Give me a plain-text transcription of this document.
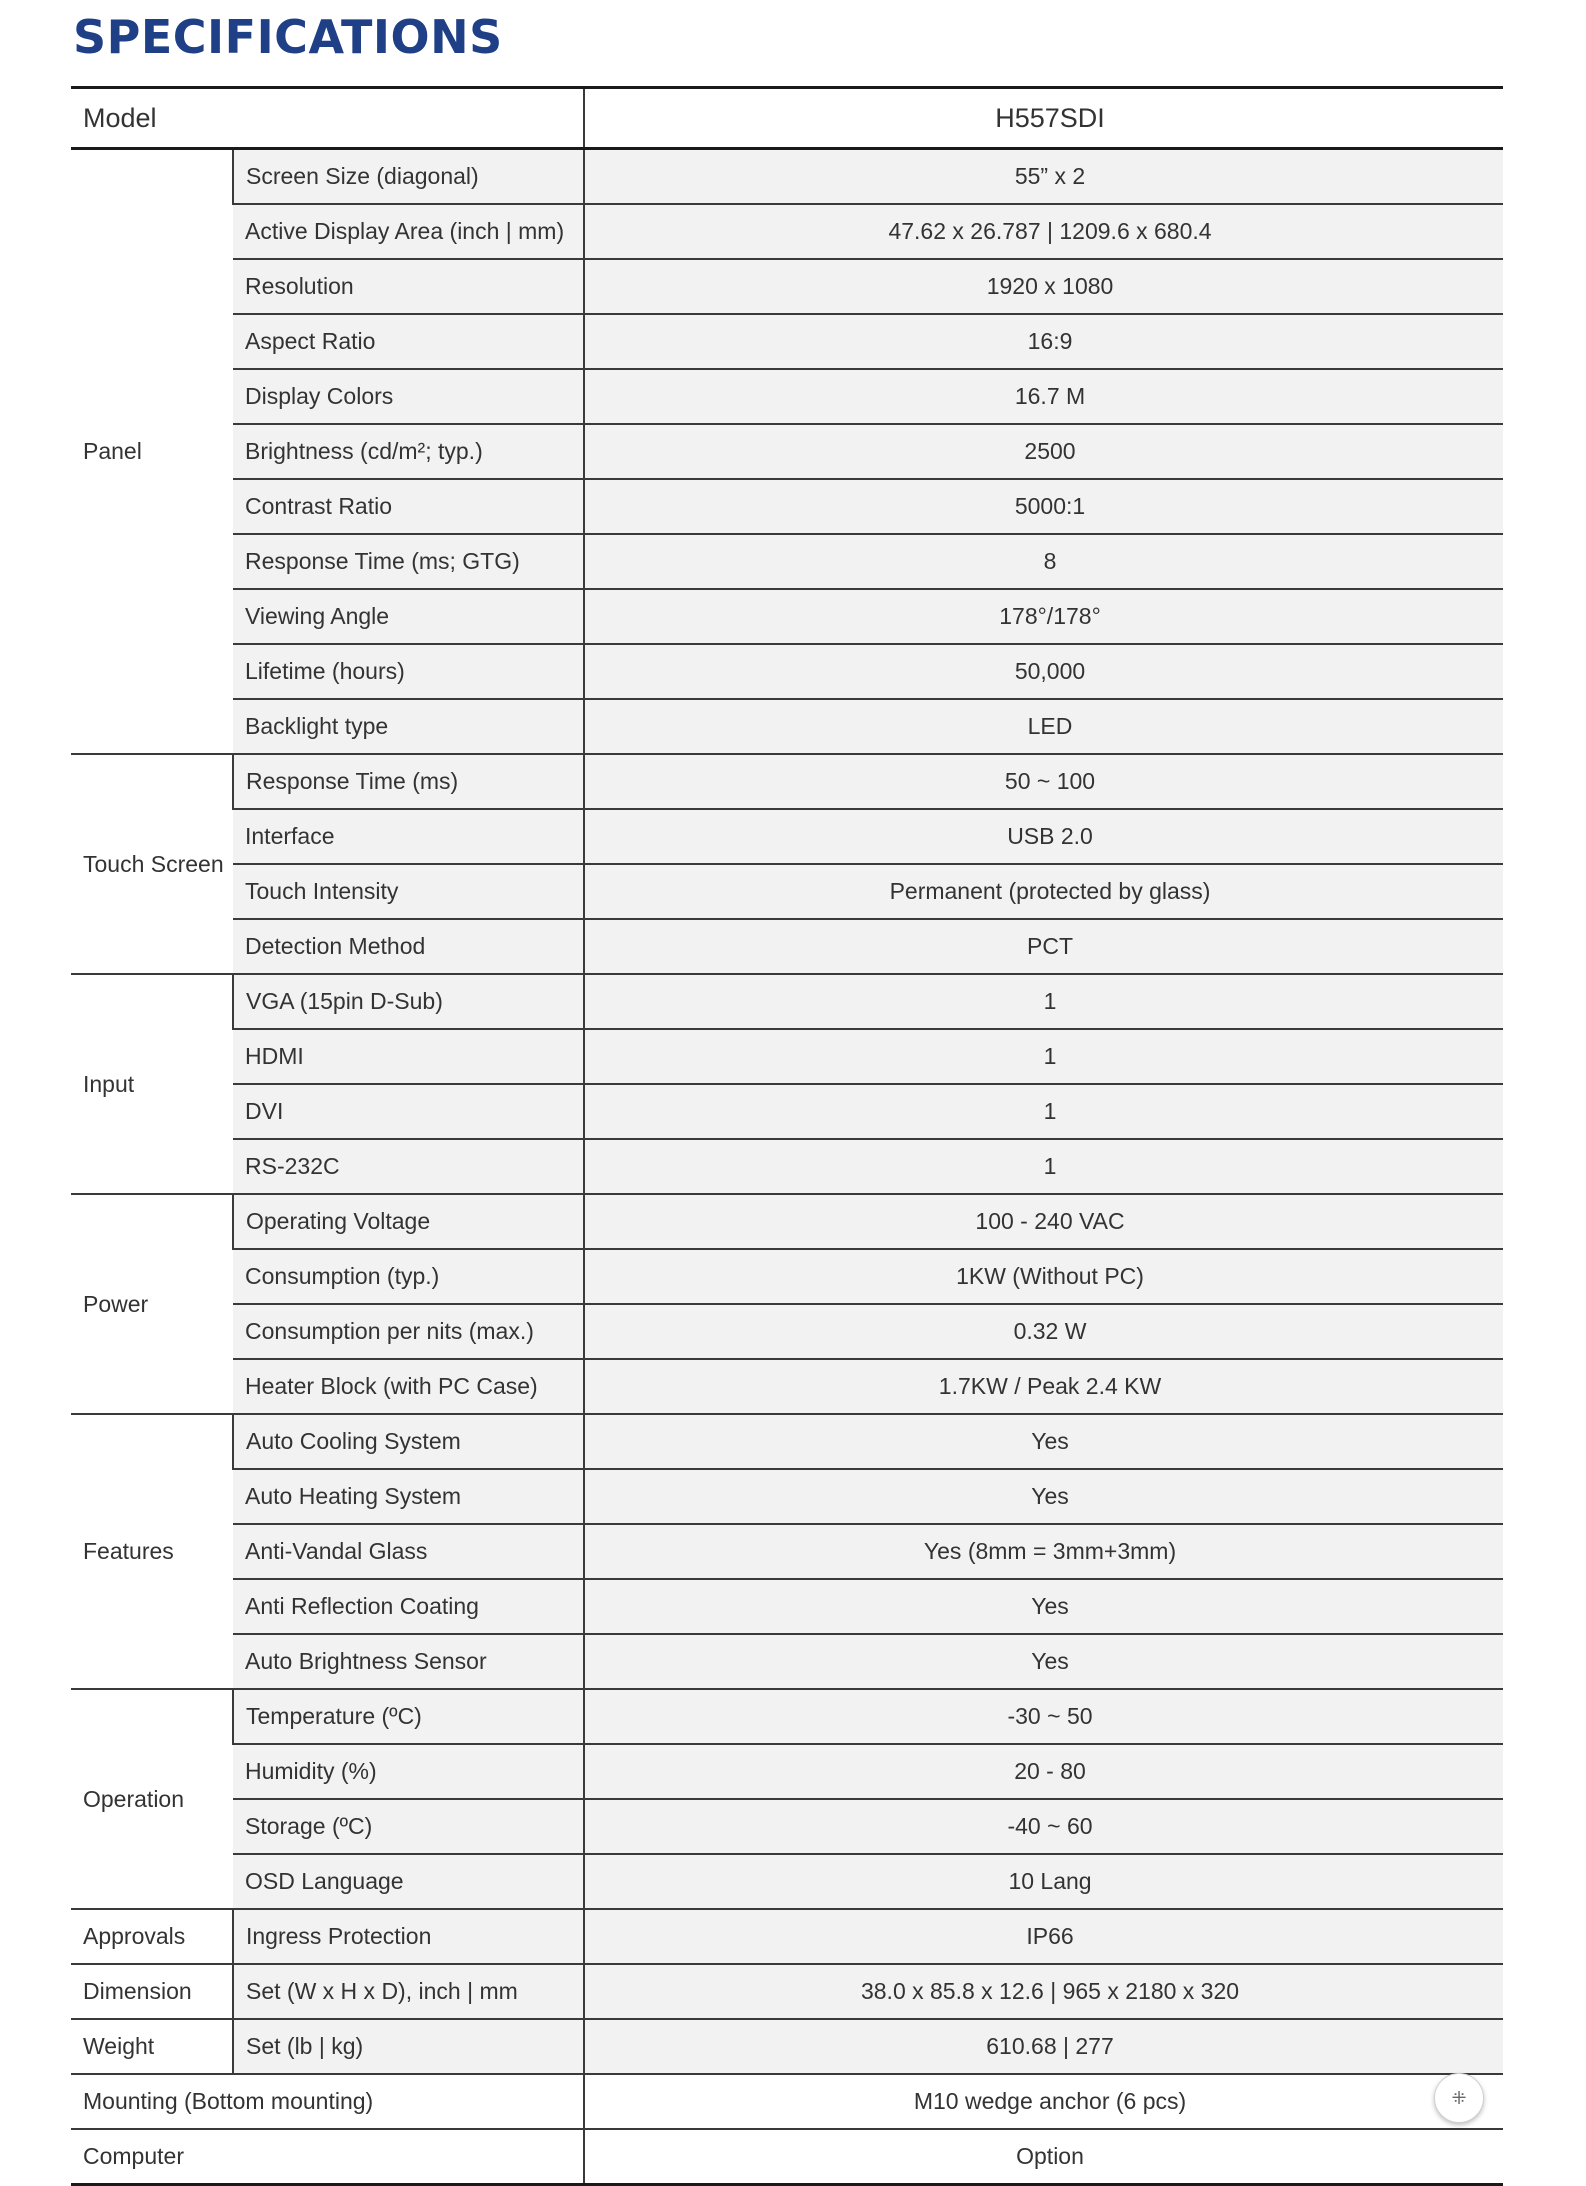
SPECIFICATIONS
Model		H557SDI
Panel	Screen Size (diagonal)	55” x 2
	Active Display Area (inch | mm)	47.62 x 26.787 | 1209.6 x 680.4
	Resolution	1920 x 1080
	Aspect Ratio	16:9
	Display Colors	16.7 M
	Brightness (cd/m²; typ.)	2500
	Contrast Ratio	5000:1
	Response Time (ms; GTG)	8
	Viewing Angle	178°/178°
	Lifetime (hours)	50,000
	Backlight type	LED
Touch Screen	Response Time (ms)	50 ~ 100
	Interface	USB 2.0
	Touch Intensity	Permanent (protected by glass)
	Detection Method	PCT
Input	VGA (15pin D-Sub)	1
	HDMI	1
	DVI	1
	RS-232C	1
Power	Operating Voltage	100 - 240 VAC
	Consumption (typ.)	1KW (Without PC)
	Consumption per nits (max.)	0.32 W
	Heater Block (with PC Case)	1.7KW / Peak 2.4 KW
Features	Auto Cooling System	Yes
	Auto Heating System	Yes
	Anti-Vandal Glass	Yes (8mm = 3mm+3mm)
	Anti Reflection Coating	Yes
	Auto Brightness Sensor	Yes
Operation	Temperature (ºC)	-30 ~ 50
	Humidity (%)	20 - 80
	Storage (ºC)	-40 ~ 60
	OSD Language	10 Lang
Approvals	Ingress Protection	IP66
Dimension	Set (W x H x D), inch | mm	38.0 x 85.8 x 12.6 | 965 x 2180 x 320
Weight	Set (lb | kg)	610.68 | 277
Mounting (Bottom mounting)		M10 wedge anchor (6 pcs)
Computer		Option
⁜
